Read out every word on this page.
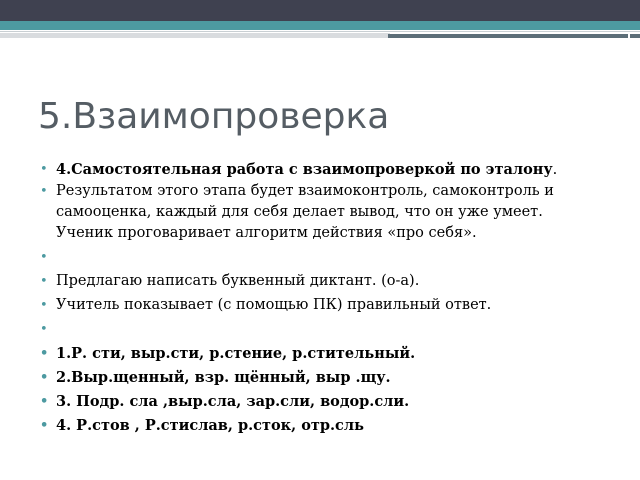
5.Взаимопроверка
• 4.Самостоятельная работа с взаимопроверкой по эталону.
• Результатом этого этапа будет взаимоконтроль, самоконтроль и самооценка, каждый для себя делает вывод, что он уже умеет. Ученик проговаривает алгоритм действия «про себя».
•

• Предлагаю написать буквенный диктант. (о-а).
• Учитель показывает (с помощью ПК) правильный ответ.
•

• 1.Р. сти, выр.сти, р.стение, р.стительный.
• 2.Выр.щенный, взр. щённый, выр .щу.
• 3. Подр. сла ,выр.сла, зар.сли, водор.сли.
• 4. Р.стов , Р.стислав, р.сток, отр.сль
